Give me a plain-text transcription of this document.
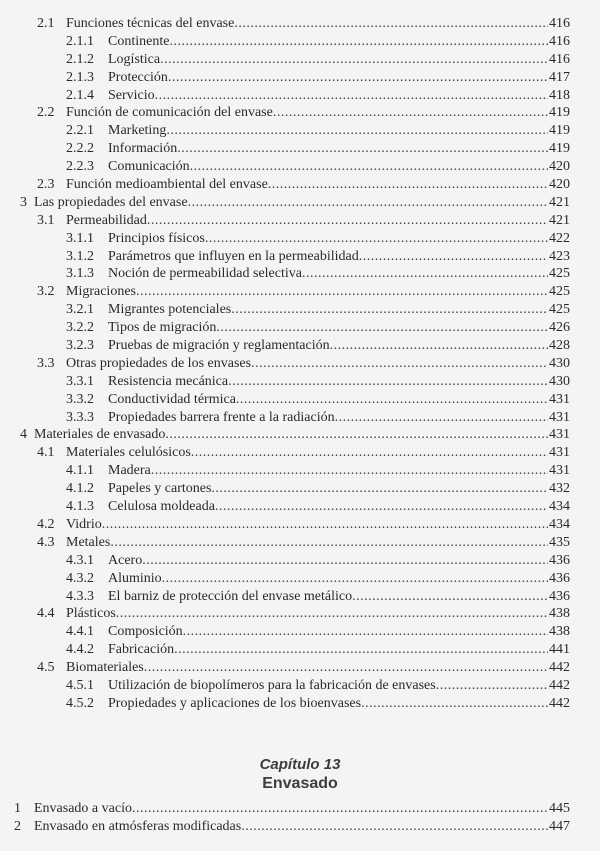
2.1 Funciones técnicas del envase .....	416
2.1.1	Continente .....	416
2.1.2	Logística .....	416
2.1.3	Protección .....	417
2.1.4	Servicio .....	418
2.2 Función de comunicación del envase .....	419
2.2.1	Marketing .....	419
2.2.2	Información .....	419
2.2.3	Comunicación .....	420
2.3 Función medioambiental del envase .....	420
3 Las propiedades del envase .....	421
3.1 Permeabilidad .....	421
3.1.1	Principios físicos .....	422
3.1.2	Parámetros que influyen en la permeabilidad .....	423
3.1.3	Noción de permeabilidad selectiva .....	425
3.2 Migraciones .....	425
3.2.1	Migrantes potenciales .....	425
3.2.2	Tipos de migración .....	426
3.2.3	Pruebas de migración y reglamentación .....	428
3.3 Otras propiedades de los envases .....	430
3.3.1	Resistencia mecánica .....	430
3.3.2	Conductividad térmica .....	431
3.3.3	Propiedades barrera frente a la radiación .....	431
4 Materiales de envasado .....	431
4.1 Materiales celulósicos .....	431
4.1.1	Madera .....	431
4.1.2	Papeles y cartones .....	432
4.1.3	Celulosa moldeada .....	434
4.2 Vidrio .....	434
4.3 Metales .....	435
4.3.1	Acero .....	436
4.3.2	Aluminio .....	436
4.3.3	El barniz de protección del envase metálico .....	436
4.4 Plásticos .....	438
4.4.1	Composición .....	438
4.4.2	Fabricación .....	441
4.5 Biomateriales .....	442
4.5.1	Utilización de biopolímeros para la fabricación de envases .....	442
4.5.2	Propiedades y aplicaciones de los bioenvases .....	442
Capítulo 13
Envasado
1 Envasado a vacío .....	445
2 Envasado en atmósferas modificadas .....	447
